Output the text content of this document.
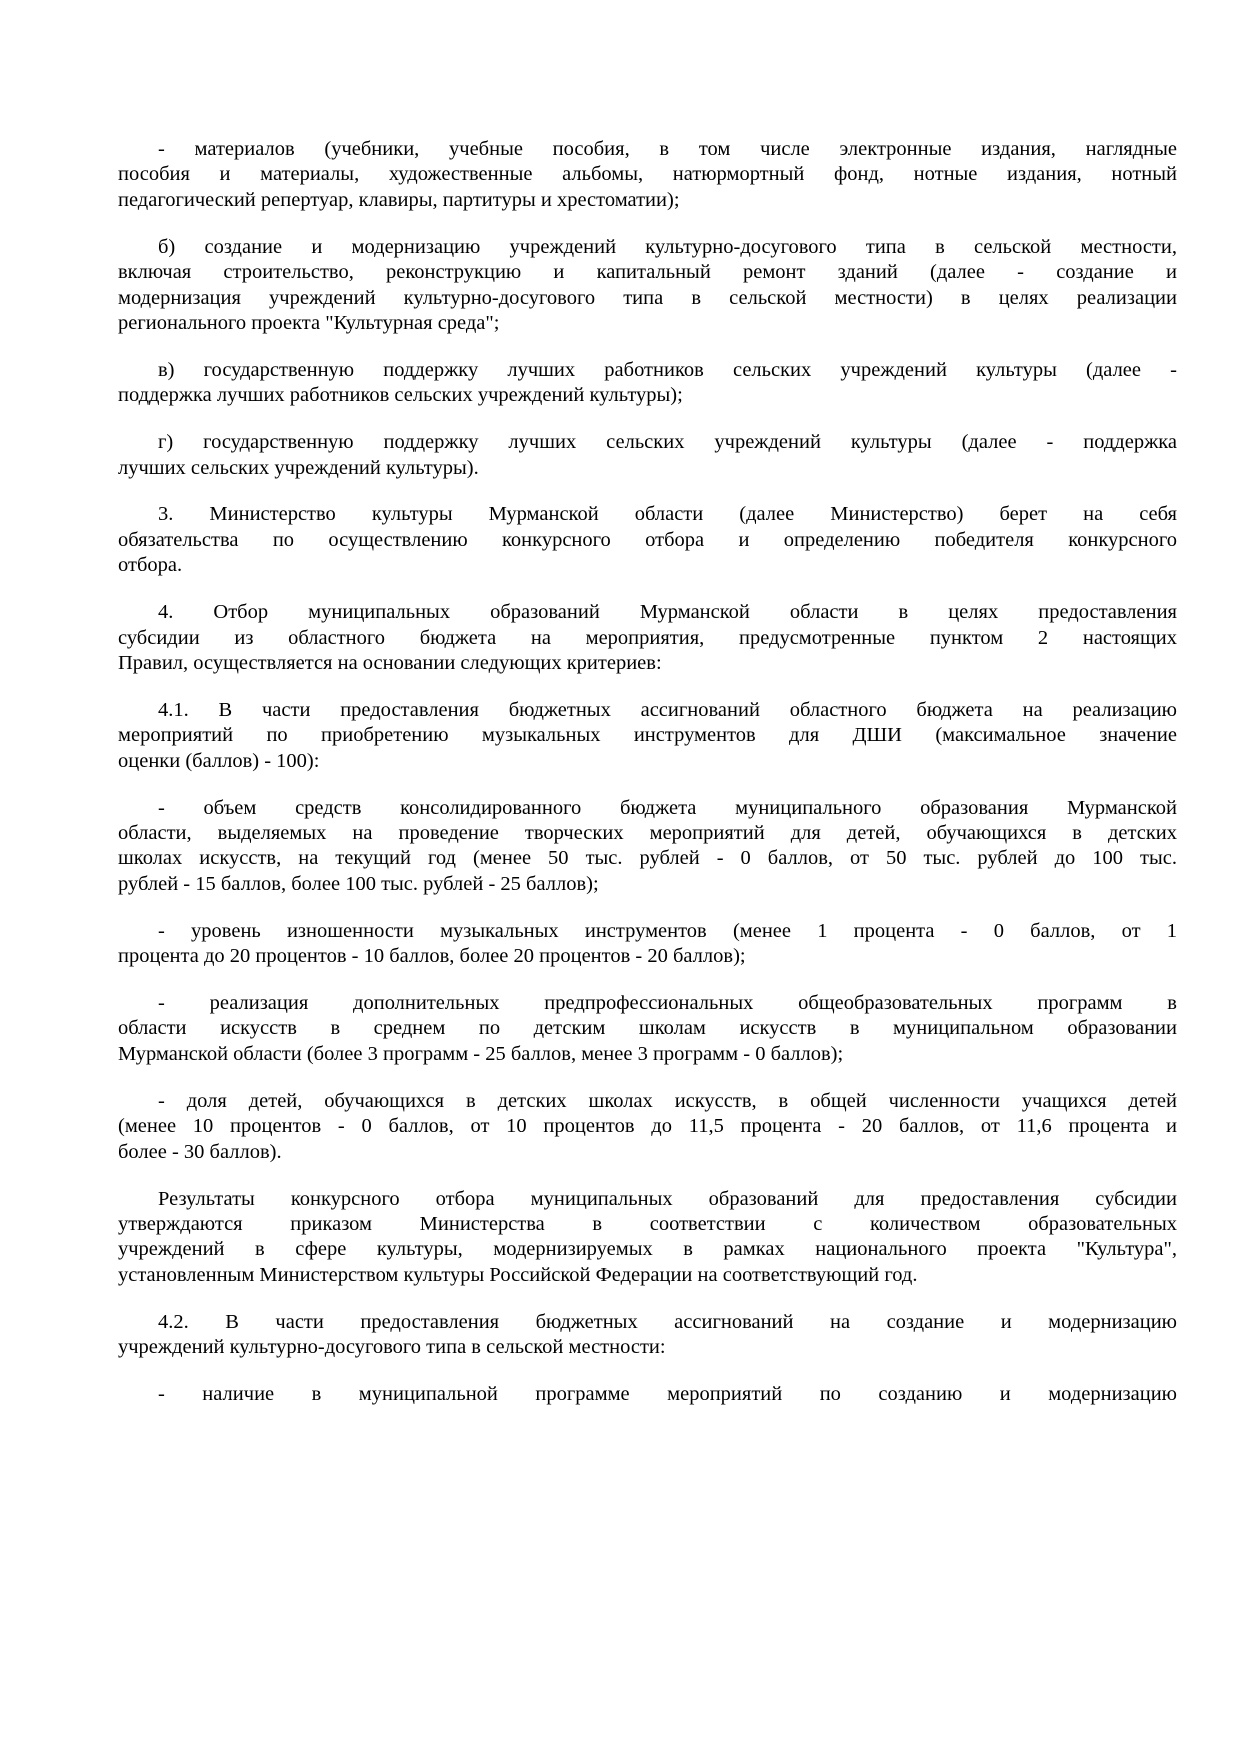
- материалов (учебники, учебные пособия, в том числе электронные издания, наглядные
пособия и материалы, художественные альбомы, натюрмортный фонд, нотные издания, нотный
педагогический репертуар, клавиры, партитуры и хрестоматии);
б) создание и модернизацию учреждений культурно-досугового типа в сельской местности,
включая строительство, реконструкцию и капитальный ремонт зданий (далее - создание и
модернизация учреждений культурно-досугового типа в сельской местности) в целях реализации
регионального проекта "Культурная среда";
в) государственную поддержку лучших работников сельских учреждений культуры (далее -
поддержка лучших работников сельских учреждений культуры);
г) государственную поддержку лучших сельских учреждений культуры (далее - поддержка
лучших сельских учреждений культуры).
3. Министерство культуры Мурманской области (далее Министерство) берет на себя
обязательства по осуществлению конкурсного отбора и определению победителя конкурсного
отбора.
4. Отбор муниципальных образований Мурманской области в целях предоставления
субсидии из областного бюджета на мероприятия, предусмотренные пунктом 2 настоящих
Правил, осуществляется на основании следующих критериев:
4.1. В части предоставления бюджетных ассигнований областного бюджета на реализацию
мероприятий по приобретению музыкальных инструментов для ДШИ (максимальное значение
оценки (баллов) - 100):
- объем средств консолидированного бюджета муниципального образования Мурманской
области, выделяемых на проведение творческих мероприятий для детей, обучающихся в детских
школах искусств, на текущий год (менее 50 тыс. рублей - 0 баллов, от 50 тыс. рублей до 100 тыс.
рублей - 15 баллов, более 100 тыс. рублей - 25 баллов);
- уровень изношенности музыкальных инструментов (менее 1 процента - 0 баллов, от 1
процента до 20 процентов - 10 баллов, более 20 процентов - 20 баллов);
- реализация дополнительных предпрофессиональных общеобразовательных программ в
области искусств в среднем по детским школам искусств в муниципальном образовании
Мурманской области (более 3 программ - 25 баллов, менее 3 программ - 0 баллов);
- доля детей, обучающихся в детских школах искусств, в общей численности учащихся детей
(менее 10 процентов - 0 баллов, от 10 процентов до 11,5 процента - 20 баллов, от 11,6 процента и
более - 30 баллов).
Результаты конкурсного отбора муниципальных образований для предоставления субсидии
утверждаются приказом Министерства в соответствии с количеством образовательных
учреждений в сфере культуры, модернизируемых в рамках национального проекта "Культура",
установленным Министерством культуры Российской Федерации на соответствующий год.
4.2. В части предоставления бюджетных ассигнований на создание и модернизацию
учреждений культурно-досугового типа в сельской местности:
- наличие в муниципальной программе мероприятий по созданию и модернизацию
